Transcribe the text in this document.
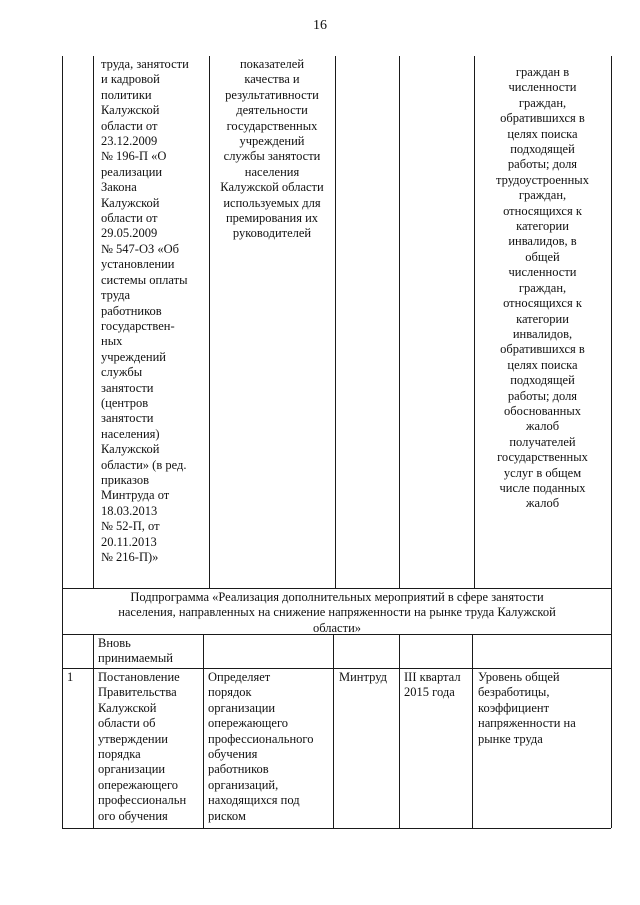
16
труда, занятости
и кадровой
политики
Калужской
области от
23.12.2009
№ 196-П «О
реализации
Закона
Калужской
области от
29.05.2009
№ 547-ОЗ «Об
установлении
системы оплаты
труда
работников
государствен-
ных
учреждений
службы
занятости
(центров
занятости
населения)
Калужской
области» (в ред.
приказов
Минтруда от
18.03.2013
№ 52-П, от
20.11.2013
№ 216-П)»
показателей
качества и
результативности
деятельности
государственных
учреждений
службы занятости
населения
Калужской области
используемых для
премирования их
руководителей
граждан в
численности
граждан,
обратившихся в
целях поиска
подходящей
работы; доля
трудоустроенных
граждан,
относящихся к
категории
инвалидов, в
общей
численности
граждан,
относящихся к
категории
инвалидов,
обратившихся в
целях поиска
подходящей
работы; доля
обоснованных
жалоб
получателей
государственных
услуг в общем
числе поданных
жалоб
Подпрограмма «Реализация дополнительных мероприятий в сфере занятости
населения, направленных на снижение напряженности на рынке труда Калужской
области»
Вновь
принимаемый
1	Постановление
Правительства
Калужской
области об
утверждении
порядка
организации
опережающего
профессиональн
ого обучения
Определяет
порядок
организации
опережающего
профессионального
обучения
работников
организаций,
находящихся под
риском
Минтруд	III квартал
2015 года
Уровень общей
безработицы,
коэффициент
напряженности на
рынке труда
